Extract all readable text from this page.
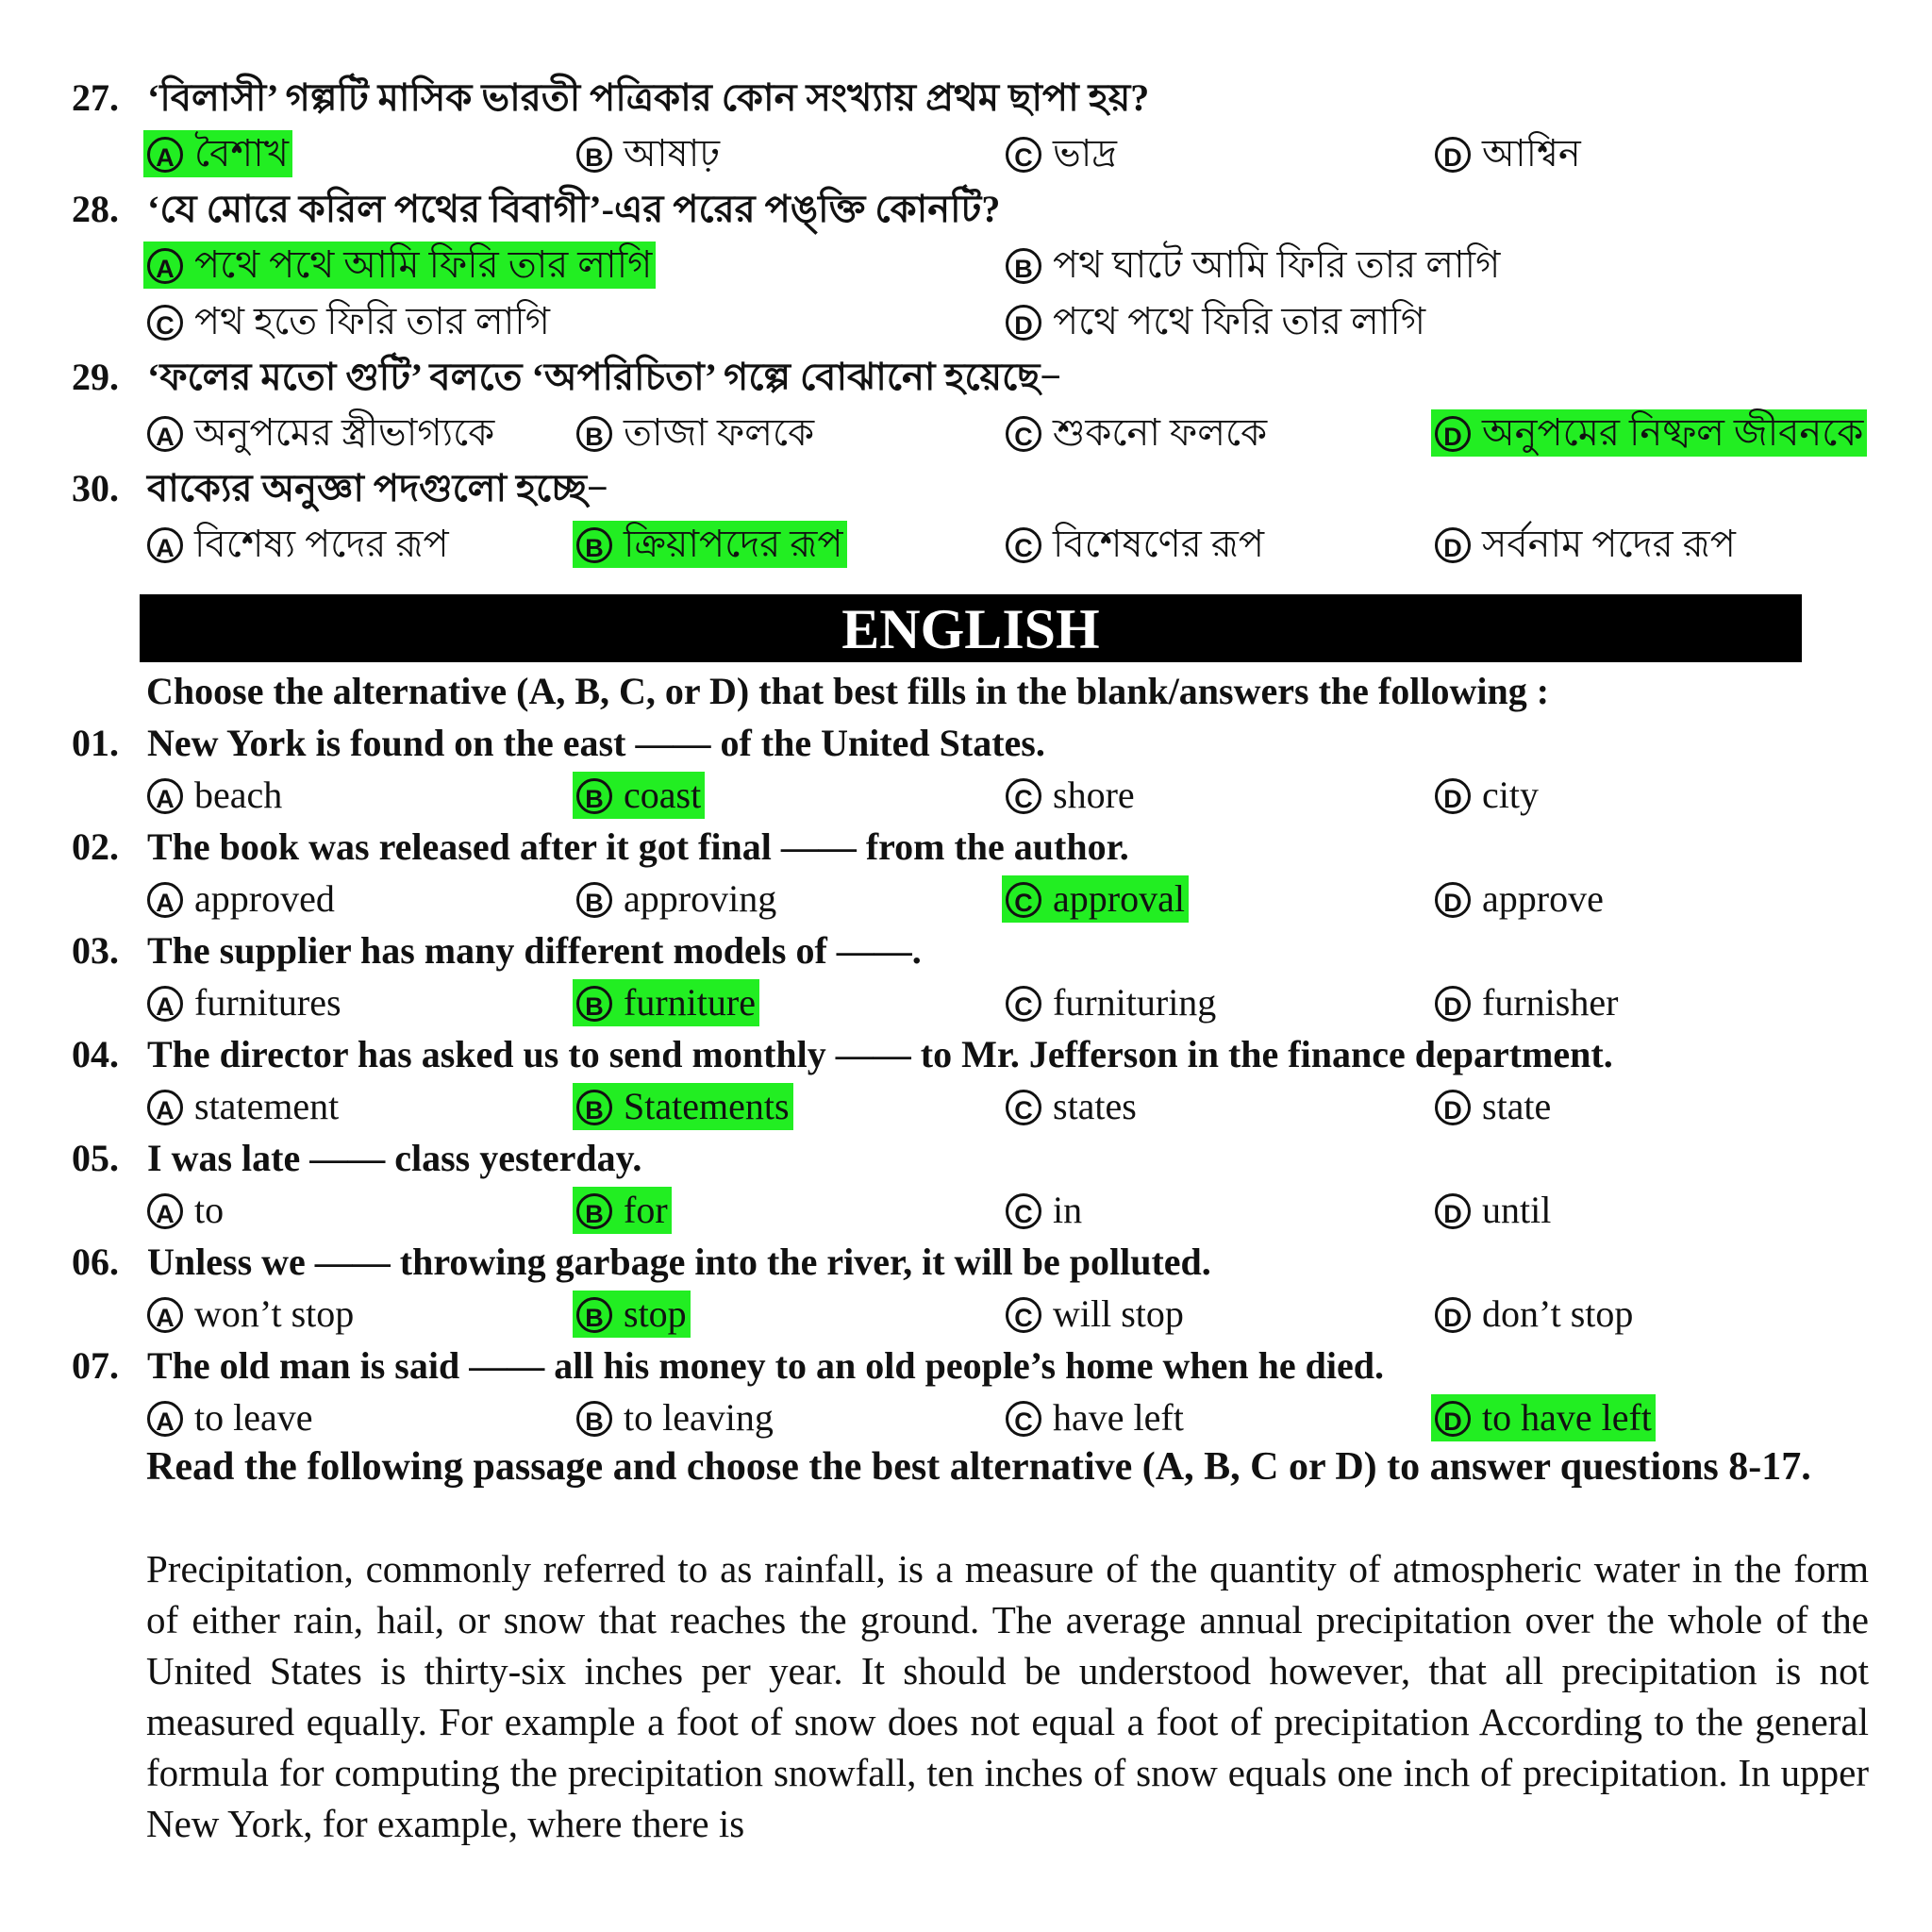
27. ‘বিলাসী’ গল্পটি মাসিক ভারতী পত্রিকার কোন সংখ্যায় প্রথম ছাপা হয়?
A বৈশাখ	B আষাঢ়	C ভাদ্র	D আশ্বিন
28. ‘যে মোরে করিল পথের বিবাগী’-এর পরের পঙ্‌ক্তি কোনটি?
A পথে পথে আমি ফিরি তার লাগি	B পথ ঘাটে আমি ফিরি তার লাগি
C পথ হতে ফিরি তার লাগি	D পথে পথে ফিরি তার লাগি
29. ‘ফলের মতো গুটি’ বলতে ‘অপরিচিতা’ গল্পে বোঝানো হয়েছে−
A অনুপমের স্ত্রীভাগ্যকে	B তাজা ফলকে	C শুকনো ফলকে	D অনুপমের নিষ্ফল জীবনকে
30. বাক্যের অনুজ্ঞা পদগুলো হচ্ছে−
A বিশেষ্য পদের রূপ	B ক্রিয়াপদের রূপ	C বিশেষণের রূপ	D সর্বনাম পদের রূপ
ENGLISH
Choose the alternative (A, B, C, or D) that best fills in the blank/answers the following :
01. New York is found on the east —— of the United States.
A beach	B coast	C shore	D city
02. The book was released after it got final —— from the author.
A approved	B approving	C approval	D approve
03. The supplier has many different models of ——.
A furnitures	B furniture	C furnituring	D furnisher
04. The director has asked us to send monthly —— to Mr. Jefferson in the finance department.
A statement	B Statements	C states	D state
05. I was late —— class yesterday.
A to	B for	C in	D until
06. Unless we —— throwing garbage into the river, it will be polluted.
A won’t stop	B stop	C will stop	D don’t stop
07. The old man is said —— all his money to an old people’s home when he died.
A to leave	B to leaving	C have left	D to have left
Read the following passage and choose the best alternative (A, B, C or D) to answer questions 8-17.
Precipitation, commonly referred to as rainfall, is a measure of the quantity of atmospheric water in the form of either rain, hail, or snow that reaches the ground. The average annual precipitation over the whole of the United States is thirty-six inches per year. It should be understood however, that all precipitation is not measured equally. For example a foot of snow does not equal a foot of precipitation According to the general formula for computing the precipitation snowfall, ten inches of snow equals one inch of precipitation. In upper New York, for example, where there is
